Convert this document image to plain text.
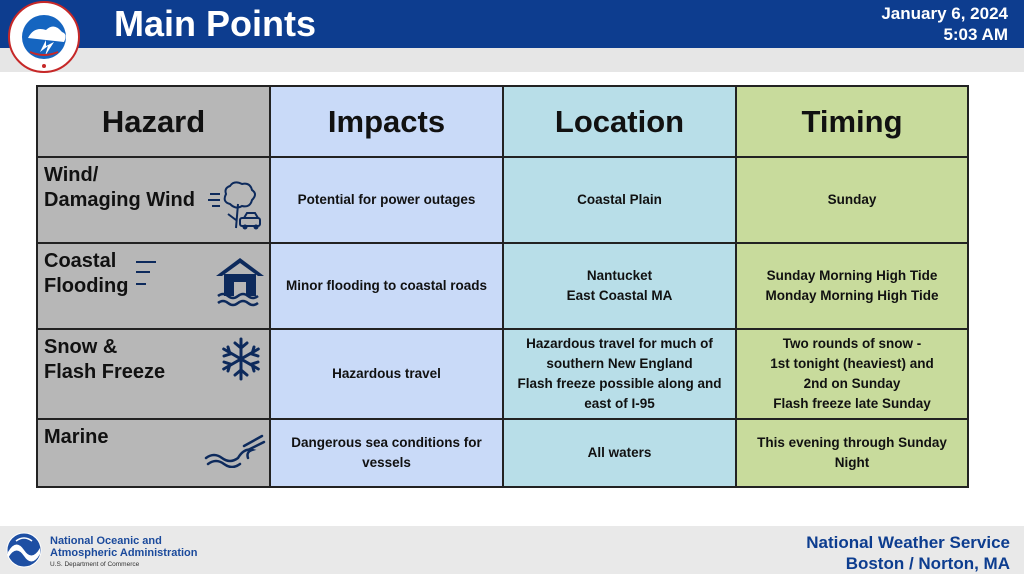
Main Points	January 6, 2024
5:03 AM
Hazard	Impacts	Location	Timing

Wind/
Damaging Wind	Potential for power outages	Coastal Plain	Sunday

Coastal
Flooding	Minor flooding to coastal roads	Nantucket
East Coastal MA	Sunday Morning High Tide
Monday Morning High Tide

Snow &
Flash Freeze	Hazardous travel	Hazardous travel for much of
southern New England
Flash freeze possible along and
east of I-95	Two rounds of snow -
1st tonight (heaviest) and
2nd on Sunday
Flash freeze late Sunday

Marine	Dangerous sea conditions for
vessels	All waters	This evening through Sunday
Night
National Oceanic and
Atmospheric Administration
U.S. Department of Commerce
National Weather Service
Boston / Norton, MA
